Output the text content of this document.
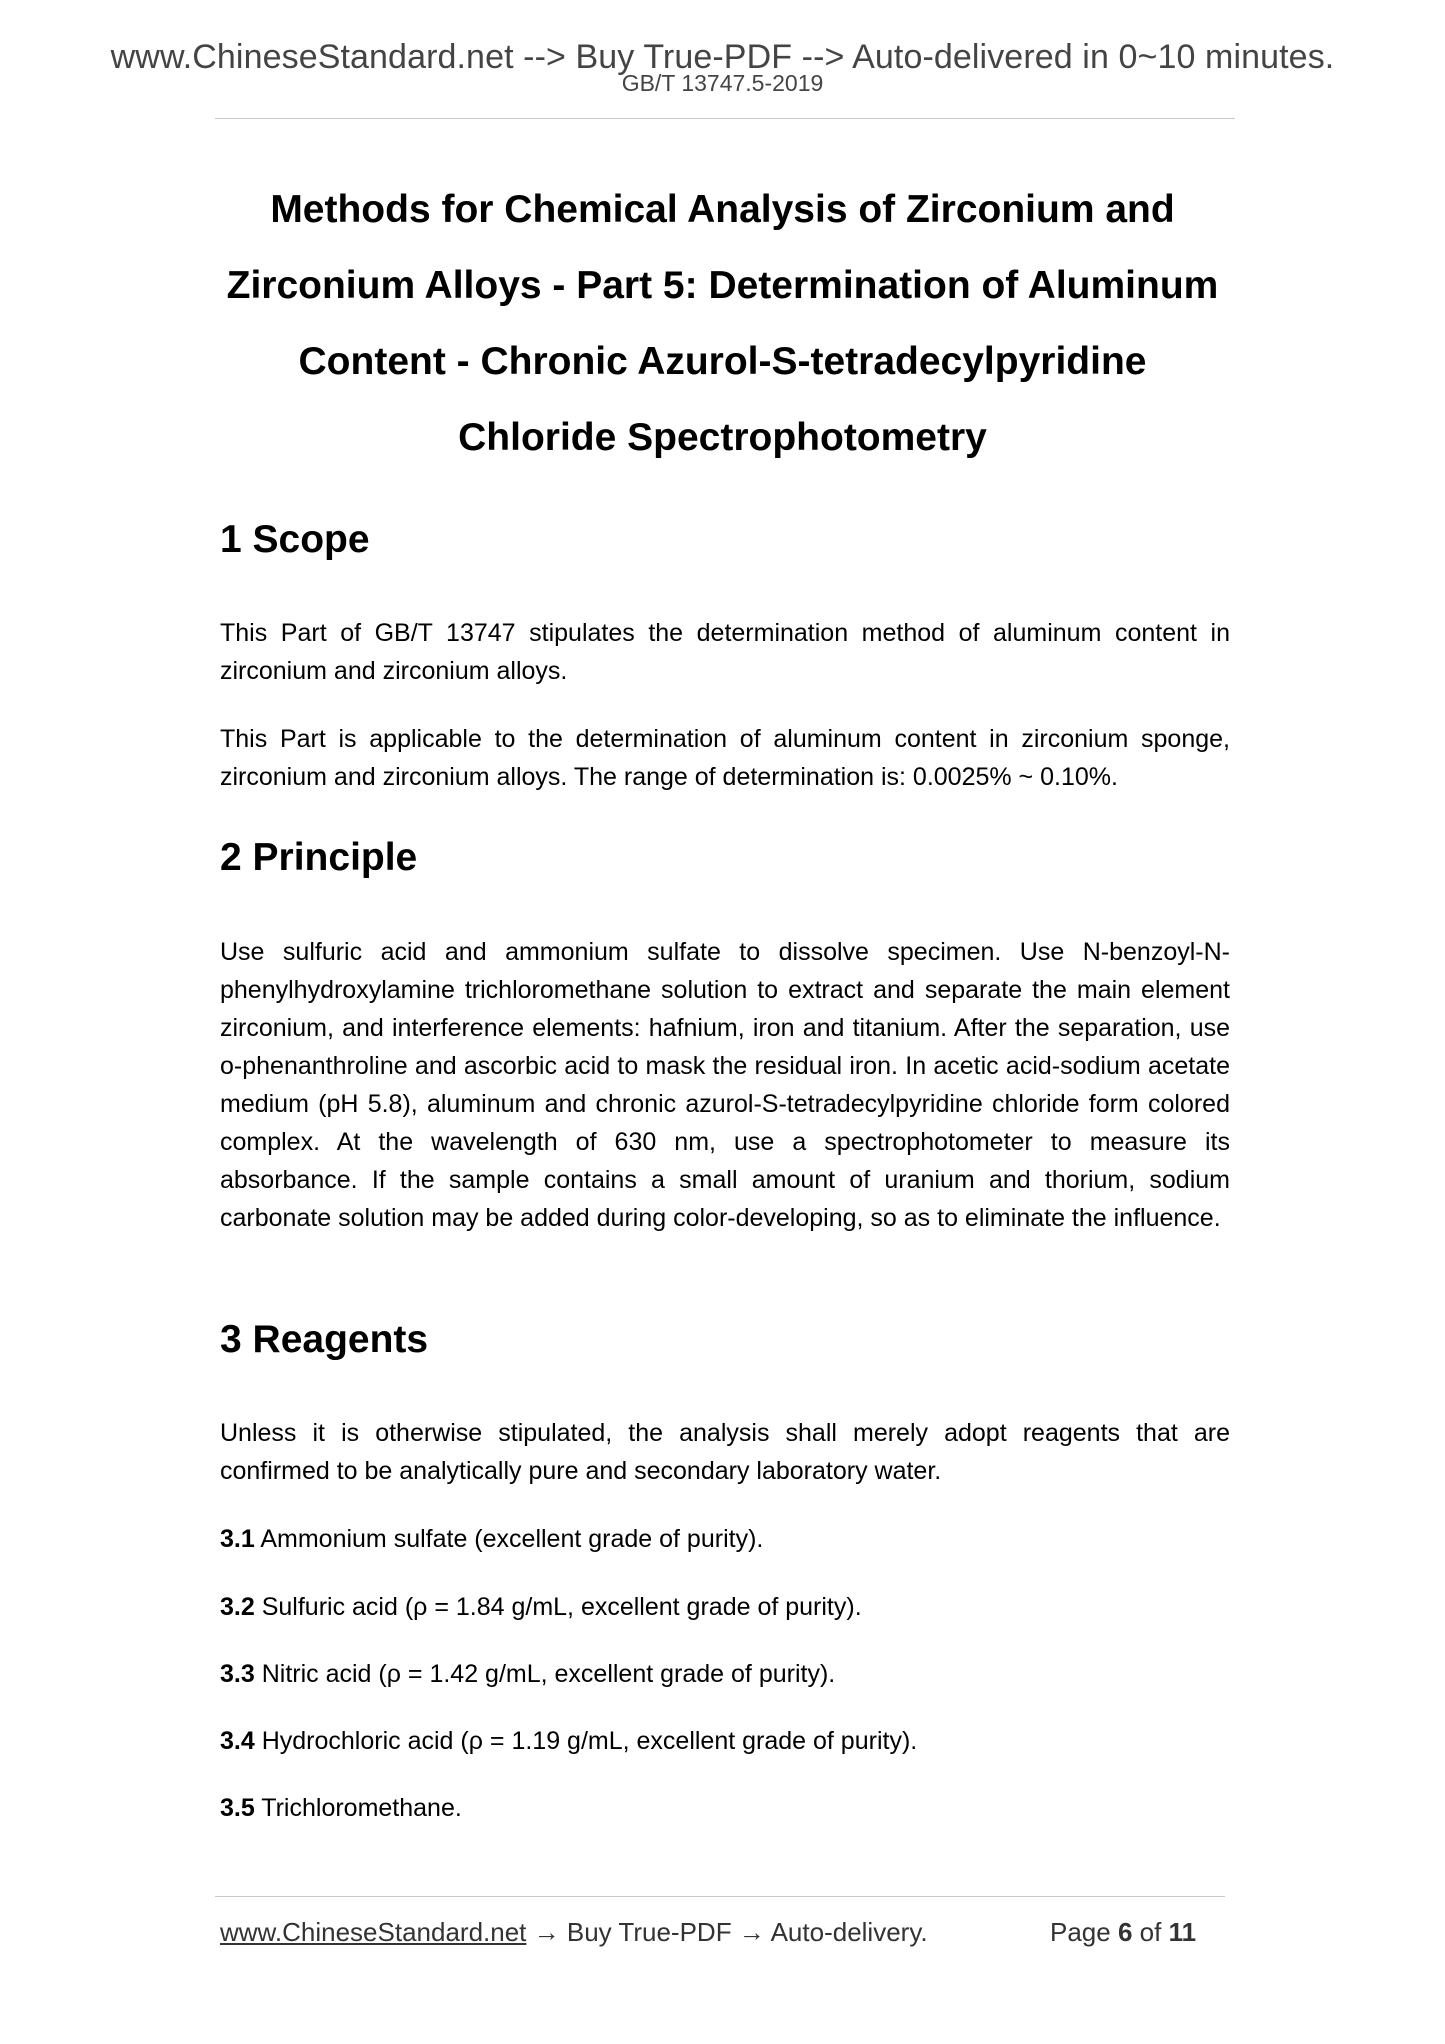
www.ChineseStandard.net --> Buy True-PDF --> Auto-delivered in 0~10 minutes.
GB/T 13747.5-2019
Methods for Chemical Analysis of Zirconium and
Zirconium Alloys - Part 5: Determination of Aluminum
Content - Chronic Azurol-S-tetradecylpyridine
Chloride Spectrophotometry
1 Scope

This Part of GB/T 13747 stipulates the determination method of aluminum content in zirconium and zirconium alloys.

This Part is applicable to the determination of aluminum content in zirconium sponge, zirconium and zirconium alloys. The range of determination is: 0.0025% ~ 0.10%.

2 Principle

Use sulfuric acid and ammonium sulfate to dissolve specimen. Use N-benzoyl-N-phenylhydroxylamine trichloromethane solution to extract and separate the main element zirconium, and interference elements: hafnium, iron and titanium. After the separation, use o-phenanthroline and ascorbic acid to mask the residual iron. In acetic acid-sodium acetate medium (pH 5.8), aluminum and chronic azurol-S-tetradecylpyridine chloride form colored complex. At the wavelength of 630 nm, use a spectrophotometer to measure its absorbance. If the sample contains a small amount of uranium and thorium, sodium carbonate solution may be added during color-developing, so as to eliminate the influence.

3 Reagents

Unless it is otherwise stipulated, the analysis shall merely adopt reagents that are confirmed to be analytically pure and secondary laboratory water.

3.1 Ammonium sulfate (excellent grade of purity).

3.2 Sulfuric acid (ρ = 1.84 g/mL, excellent grade of purity).

3.3 Nitric acid (ρ = 1.42 g/mL, excellent grade of purity).

3.4 Hydrochloric acid (ρ = 1.19 g/mL, excellent grade of purity).

3.5 Trichloromethane.

www.ChineseStandard.net → Buy True-PDF → Auto-delivery.	Page 6 of 11
